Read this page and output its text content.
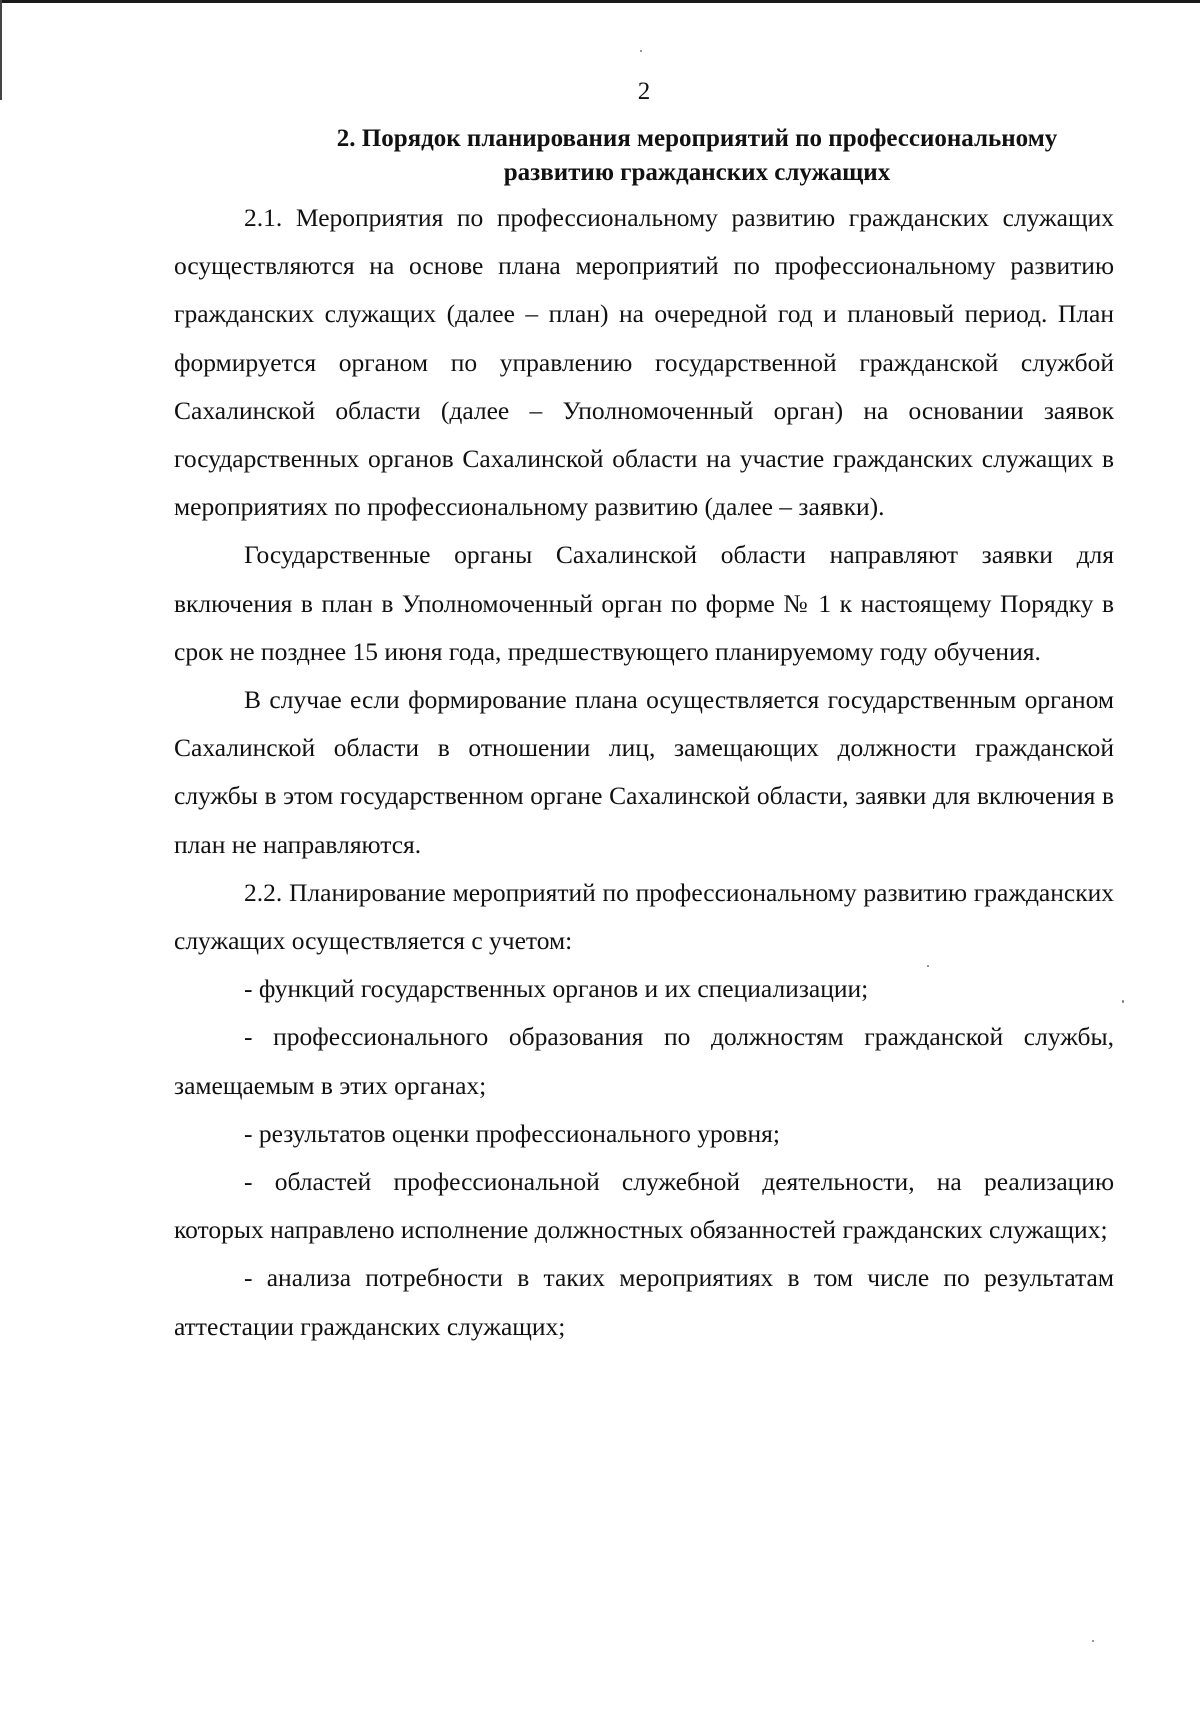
2
2. Порядок планирования мероприятий по профессиональному
развитию гражданских служащих

2.1. Мероприятия по профессиональному развитию гражданских служащих осуществляются на основе плана мероприятий по профессиональному развитию гражданских служащих (далее – план) на очередной год и плановый период. План формируется органом по управлению государственной гражданской службой Сахалинской области (далее – Уполномоченный орган) на основании заявок государственных органов Сахалинской области на участие гражданских служащих в мероприятиях по профессиональному развитию (далее – заявки).

Государственные органы Сахалинской области направляют заявки для включения в план в Уполномоченный орган по форме № 1 к настоящему Порядку в срок не позднее 15 июня года, предшествующего планируемому году обучения.

В случае если формирование плана осуществляется государственным органом Сахалинской области в отношении лиц, замещающих должности гражданской службы в этом государственном органе Сахалинской области, заявки для включения в план не направляются.

2.2. Планирование мероприятий по профессиональному развитию гражданских служащих осуществляется с учетом:

- функций государственных органов и их специализации;

- профессионального образования по должностям гражданской службы, замещаемым в этих органах;

- результатов оценки профессионального уровня;

- областей профессиональной служебной деятельности, на реализацию которых направлено исполнение должностных обязанностей гражданских служащих;

- анализа потребности в таких мероприятиях в том числе по результатам аттестации гражданских служащих;
